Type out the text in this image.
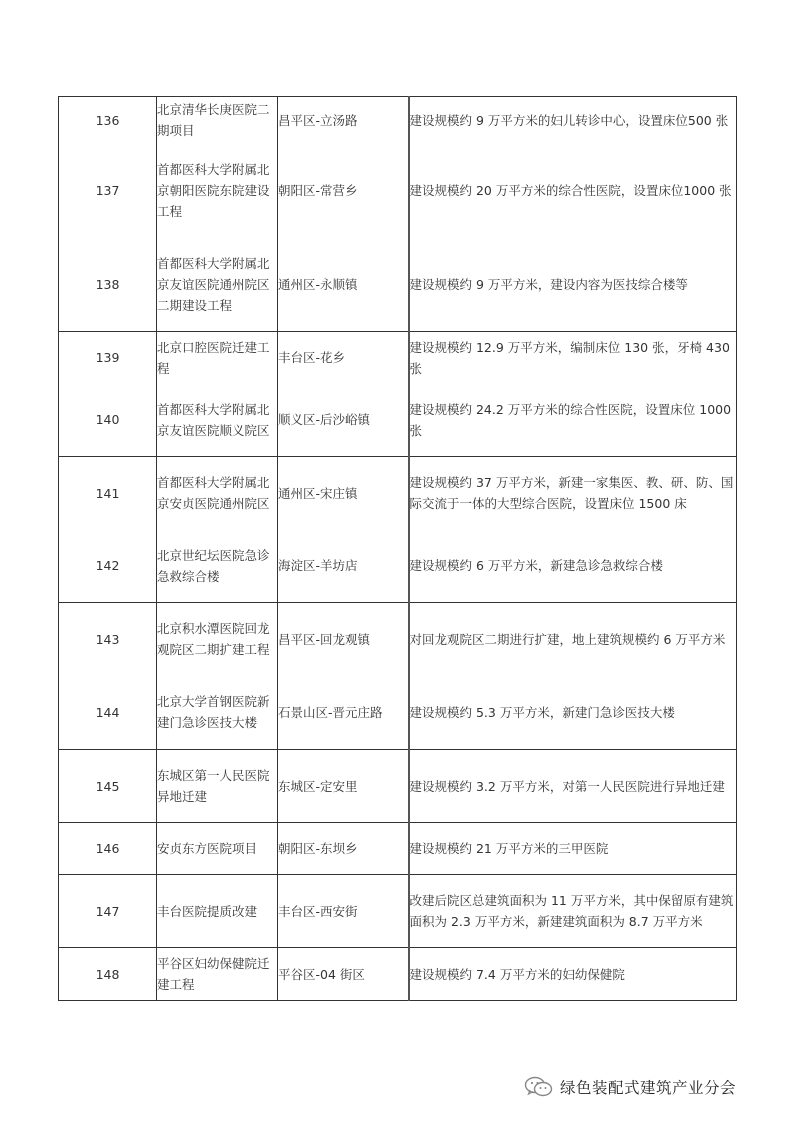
136	北京清华长庚医院二期项目	昌平区-立汤路	建设规模约 9 万平方米的妇儿转诊中心，设置床位500 张
137	首都医科大学附属北京朝阳医院东院建设工程	朝阳区-常营乡	建设规模约 20 万平方米的综合性医院，设置床位1000 张
138	首都医科大学附属北京友谊医院通州院区二期建设工程	通州区-永顺镇	建设规模约 9 万平方米，建设内容为医技综合楼等
139	北京口腔医院迁建工程	丰台区-花乡	建设规模约 12.9 万平方米，编制床位 130 张，牙椅 430 张
140	首都医科大学附属北京友谊医院顺义院区	顺义区-后沙峪镇	建设规模约 24.2 万平方米的综合性医院，设置床位 1000 张
141	首都医科大学附属北京安贞医院通州院区	通州区-宋庄镇	建设规模约 37 万平方米，新建一家集医、教、研、防、国际交流于一体的大型综合医院，设置床位 1500 床
142	北京世纪坛医院急诊急救综合楼	海淀区-羊坊店	建设规模约 6 万平方米，新建急诊急救综合楼
143	北京积水潭医院回龙观院区二期扩建工程	昌平区-回龙观镇	对回龙观院区二期进行扩建，地上建筑规模约 6 万平方米
144	北京大学首钢医院新建门急诊医技大楼	石景山区-晋元庄路	建设规模约 5.3 万平方米，新建门急诊医技大楼
145	东城区第一人民医院异地迁建	东城区-定安里	建设规模约 3.2 万平方米，对第一人民医院进行异地迁建
146	安贞东方医院项目	朝阳区-东坝乡	建设规模约 21 万平方米的三甲医院
147	丰台医院提质改建	丰台区-西安街	改建后院区总建筑面积为 11 万平方米，其中保留原有建筑面积为 2.3 万平方米，新建建筑面积为 8.7 万平方米
148	平谷区妇幼保健院迁建工程	平谷区-04 街区	建设规模约 7.4 万平方米的妇幼保健院
绿色装配式建筑产业分会
